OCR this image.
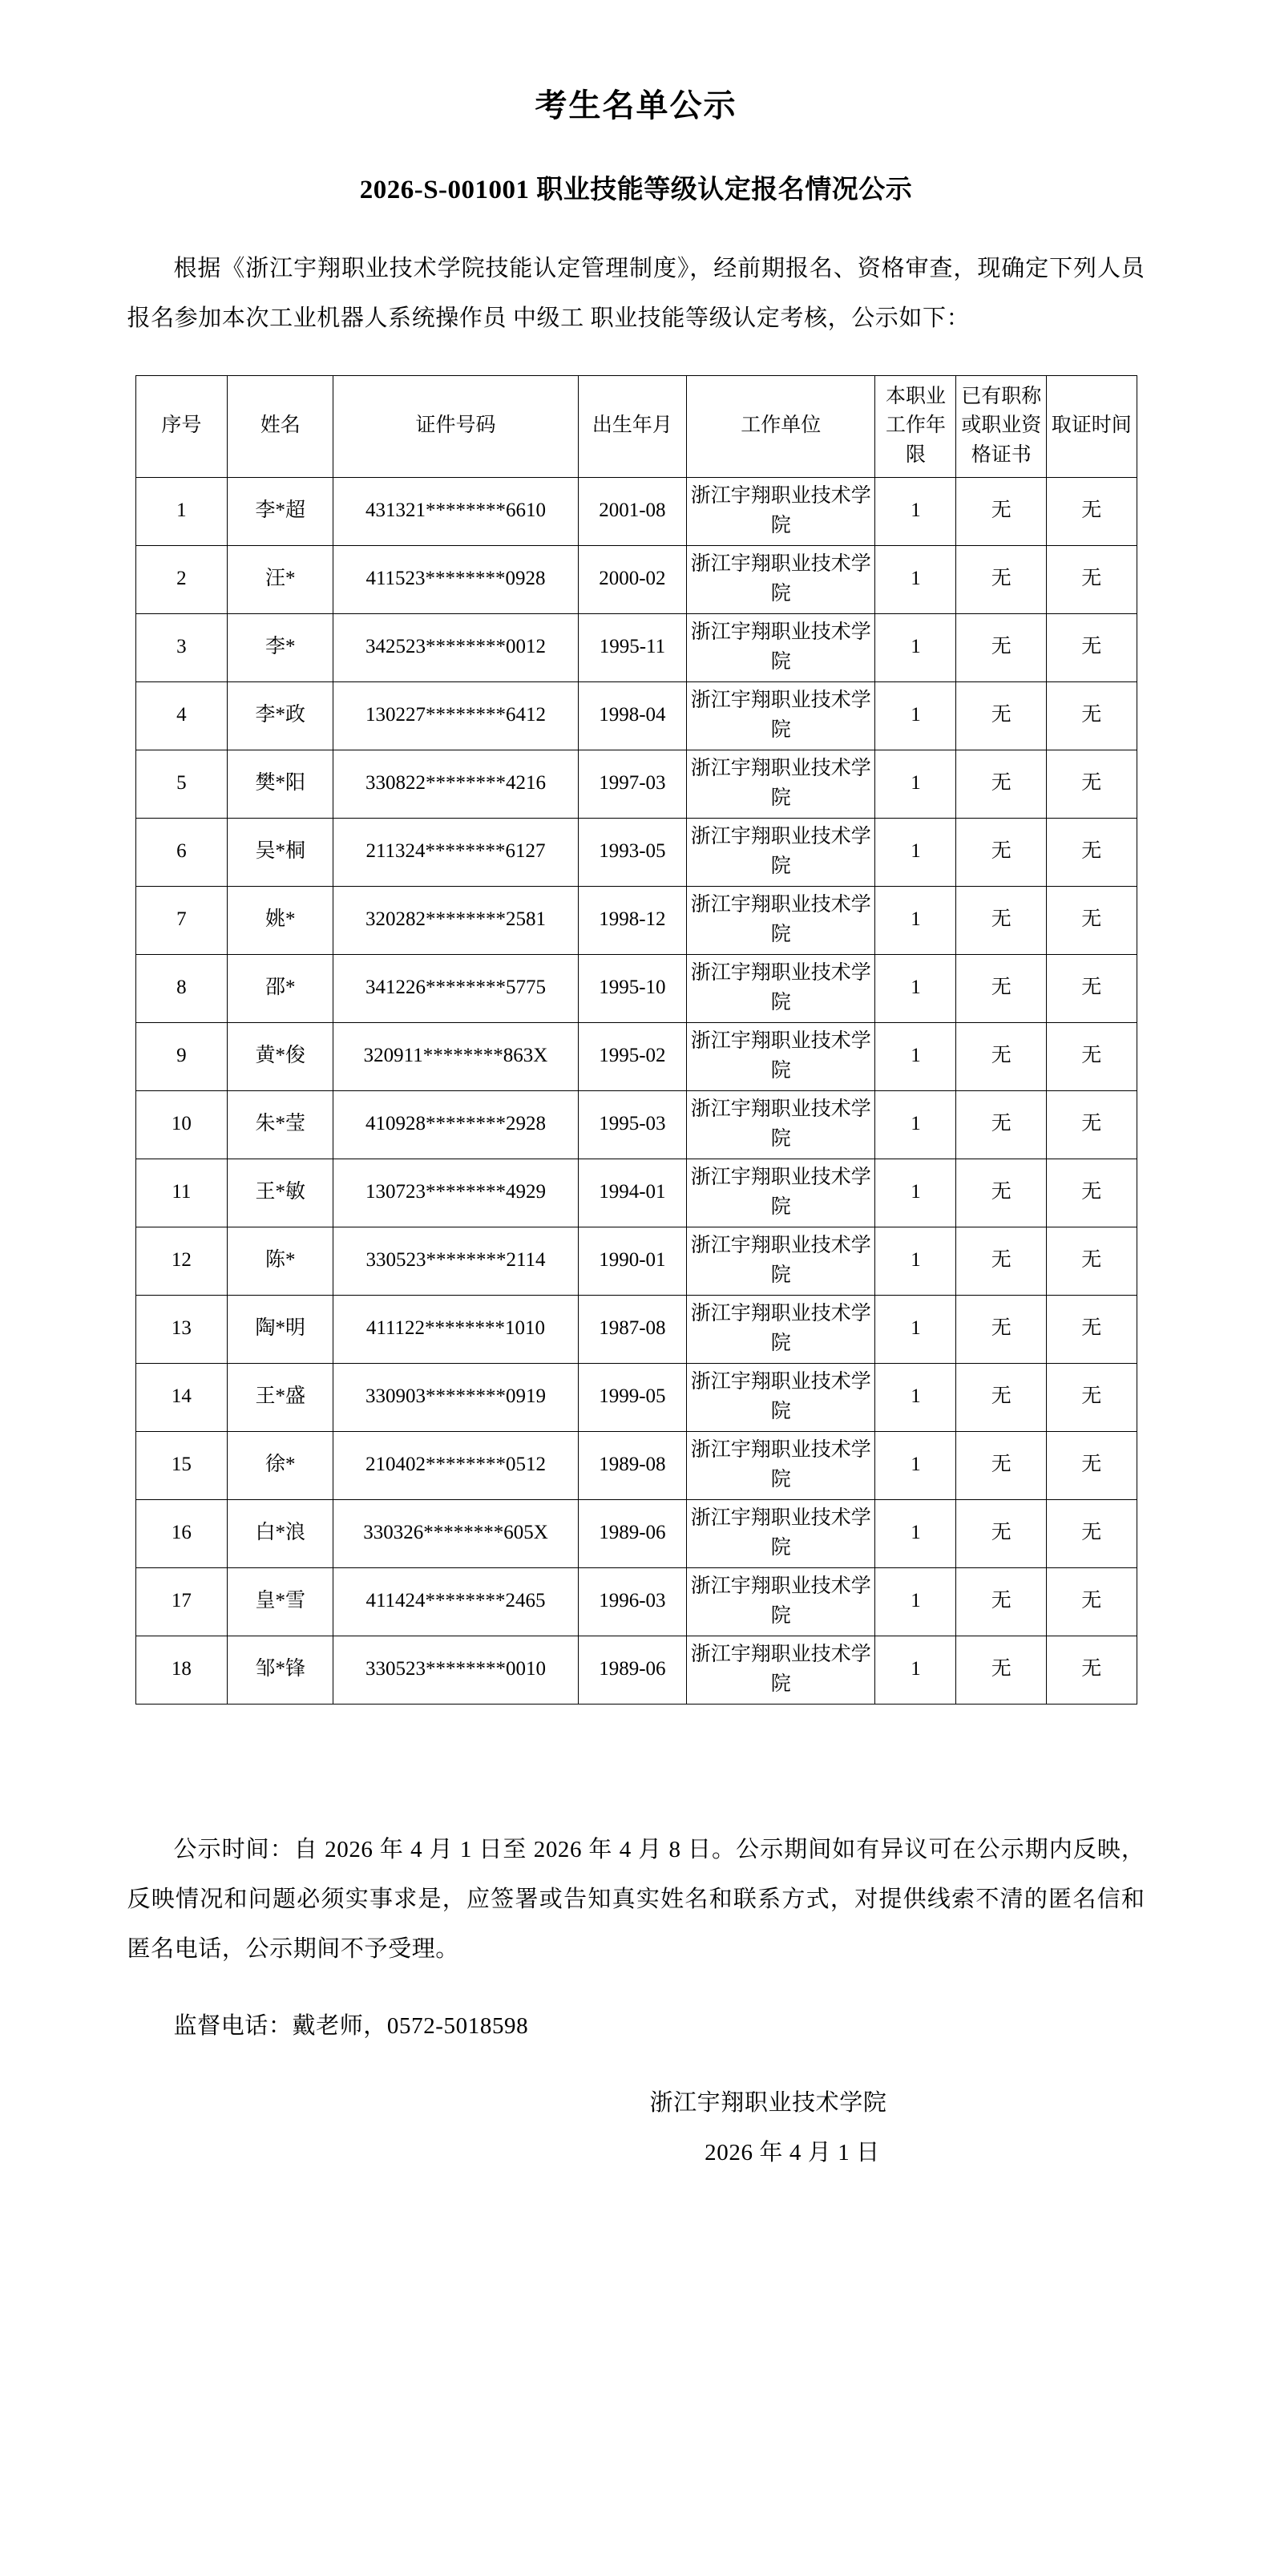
考生名单公示
2026-S-001001 职业技能等级认定报名情况公示

根据《浙江宇翔职业技术学院技能认定管理制度》，经前期报名、资格审查，现确定下列人员报名参加本次工业机器人系统操作员 中级工 职业技能等级认定考核，公示如下：

序号	姓名	证件号码	出生年月	工作单位	本职业工作年限	已有职称或职业资格证书	取证时间
1	李*超	431321********6610	2001-08	浙江宇翔职业技术学院	1	无	无
2	汪*	411523********0928	2000-02	浙江宇翔职业技术学院	1	无	无
3	李*	342523********0012	1995-11	浙江宇翔职业技术学院	1	无	无
4	李*政	130227********6412	1998-04	浙江宇翔职业技术学院	1	无	无
5	樊*阳	330822********4216	1997-03	浙江宇翔职业技术学院	1	无	无
6	吴*桐	211324********6127	1993-05	浙江宇翔职业技术学院	1	无	无
7	姚*	320282********2581	1998-12	浙江宇翔职业技术学院	1	无	无
8	邵*	341226********5775	1995-10	浙江宇翔职业技术学院	1	无	无
9	黄*俊	320911********863X	1995-02	浙江宇翔职业技术学院	1	无	无
10	朱*莹	410928********2928	1995-03	浙江宇翔职业技术学院	1	无	无
11	王*敏	130723********4929	1994-01	浙江宇翔职业技术学院	1	无	无
12	陈*	330523********2114	1990-01	浙江宇翔职业技术学院	1	无	无
13	陶*明	411122********1010	1987-08	浙江宇翔职业技术学院	1	无	无
14	王*盛	330903********0919	1999-05	浙江宇翔职业技术学院	1	无	无
15	徐*	210402********0512	1989-08	浙江宇翔职业技术学院	1	无	无
16	白*浪	330326********605X	1989-06	浙江宇翔职业技术学院	1	无	无
17	皇*雪	411424********2465	1996-03	浙江宇翔职业技术学院	1	无	无
18	邹*锋	330523********0010	1989-06	浙江宇翔职业技术学院	1	无	无

公示时间：自 2026 年 4 月 1 日至 2026 年 4 月 8 日。公示期间如有异议可在公示期内反映，反映情况和问题必须实事求是，应签署或告知真实姓名和联系方式，对提供线索不清的匿名信和匿名电话，公示期间不予受理。

监督电话：戴老师，0572-5018598

浙江宇翔职业技术学院
2026 年 4 月 1 日
